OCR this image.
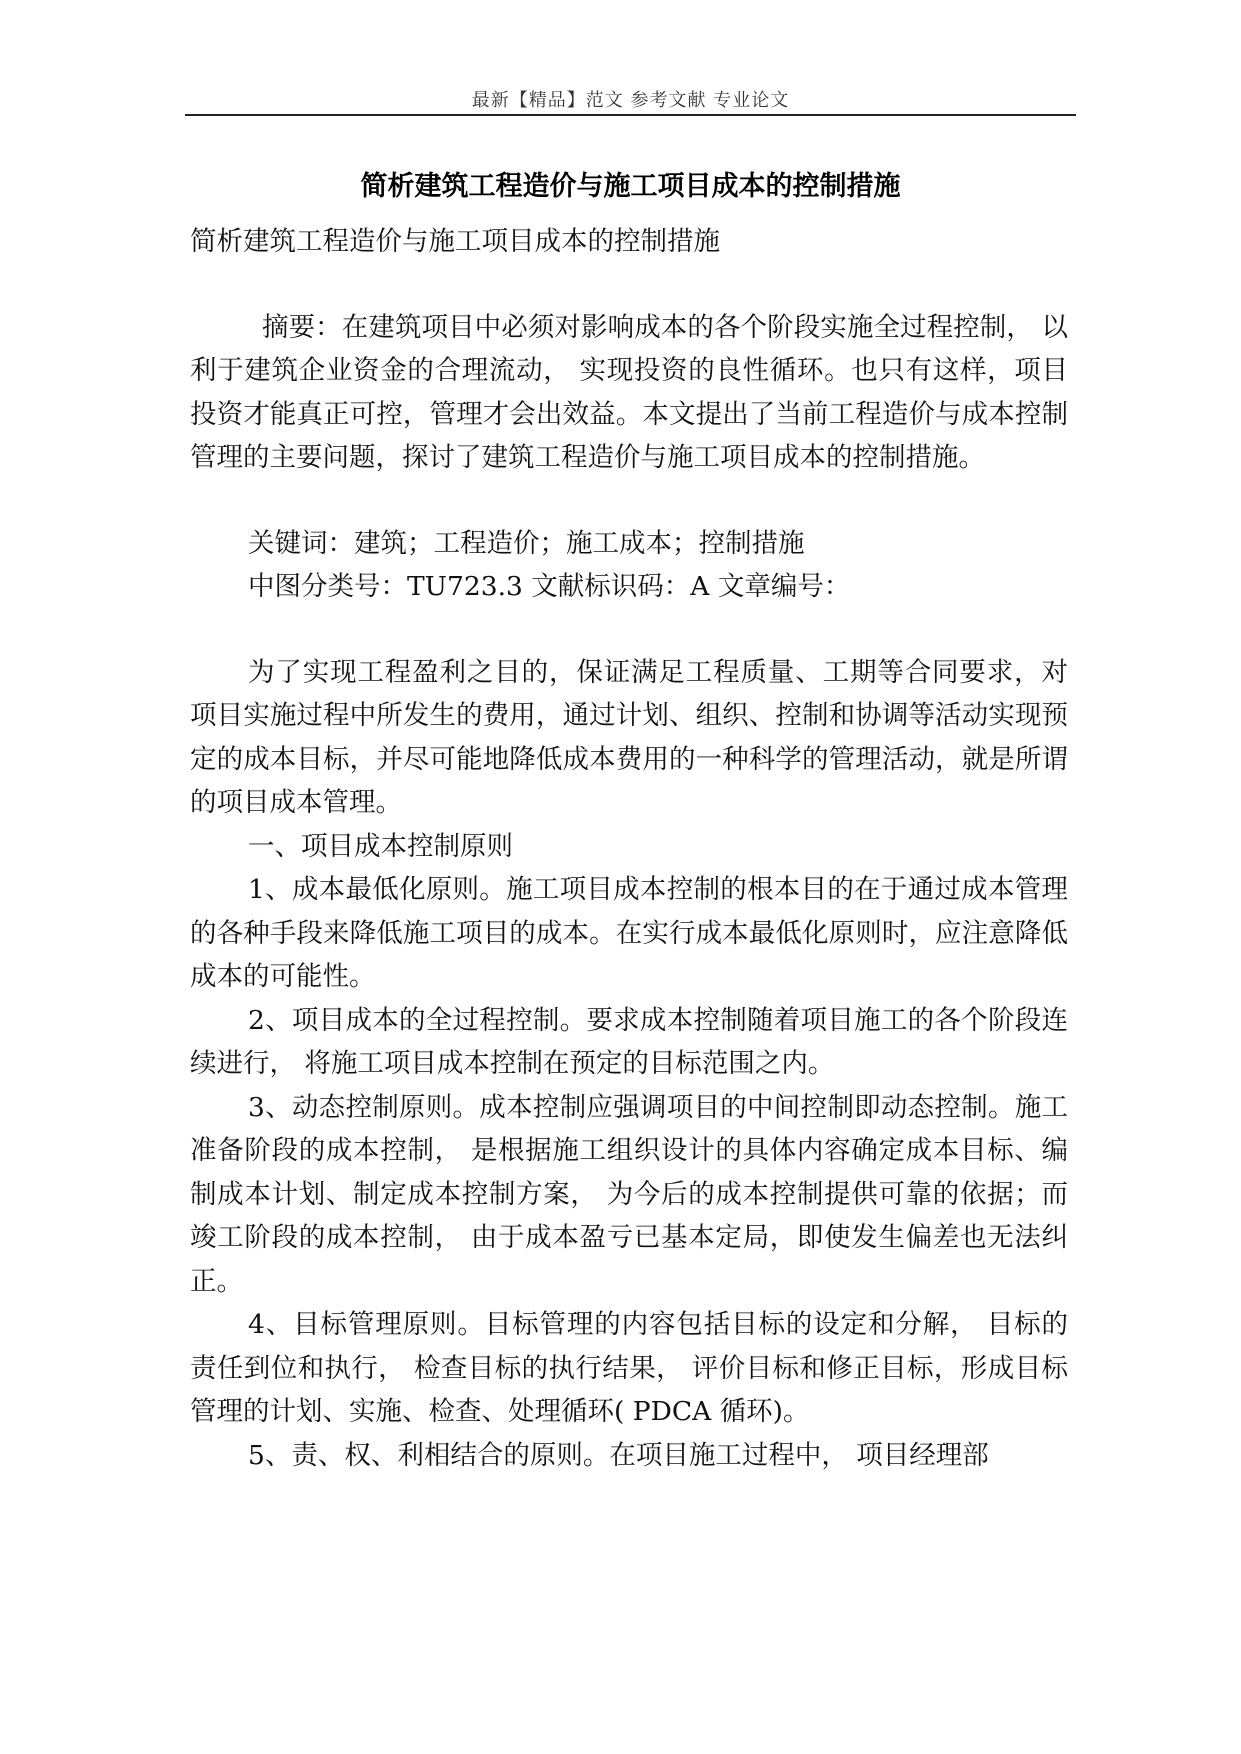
最新【精品】范文 参考文献 专业论文
简析建筑工程造价与施工项目成本的控制措施

简析建筑工程造价与施工项目成本的控制措施

摘要：在建筑项目中必须对影响成本的各个阶段实施全过程控制， 以利于建筑企业资金的合理流动， 实现投资的良性循环。也只有这样，项目投资才能真正可控，管理才会出效益。本文提出了当前工程造价与成本控制管理的主要问题，探讨了建筑工程造价与施工项目成本的控制措施。

关键词：建筑；工程造价；施工成本；控制措施

中图分类号：TU723.3 文献标识码：A 文章编号：

为了实现工程盈利之目的，保证满足工程质量、工期等合同要求，对项目实施过程中所发生的费用，通过计划、组织、控制和协调等活动实现预定的成本目标，并尽可能地降低成本费用的一种科学的管理活动，就是所谓的项目成本管理。

一、项目成本控制原则

1、成本最低化原则。施工项目成本控制的根本目的在于通过成本管理的各种手段来降低施工项目的成本。在实行成本最低化原则时，应注意降低成本的可能性。

2、项目成本的全过程控制。要求成本控制随着项目施工的各个阶段连续进行， 将施工项目成本控制在预定的目标范围之内。

3、动态控制原则。成本控制应强调项目的中间控制即动态控制。施工准备阶段的成本控制， 是根据施工组织设计的具体内容确定成本目标、编制成本计划、制定成本控制方案， 为今后的成本控制提供可靠的依据；而竣工阶段的成本控制， 由于成本盈亏已基本定局，即使发生偏差也无法纠正。

4、目标管理原则。目标管理的内容包括目标的设定和分解， 目标的责任到位和执行， 检查目标的执行结果， 评价目标和修正目标，形成目标管理的计划、实施、检查、处理循环( PDCA 循环)。

5、责、权、利相结合的原则。在项目施工过程中， 项目经理部
